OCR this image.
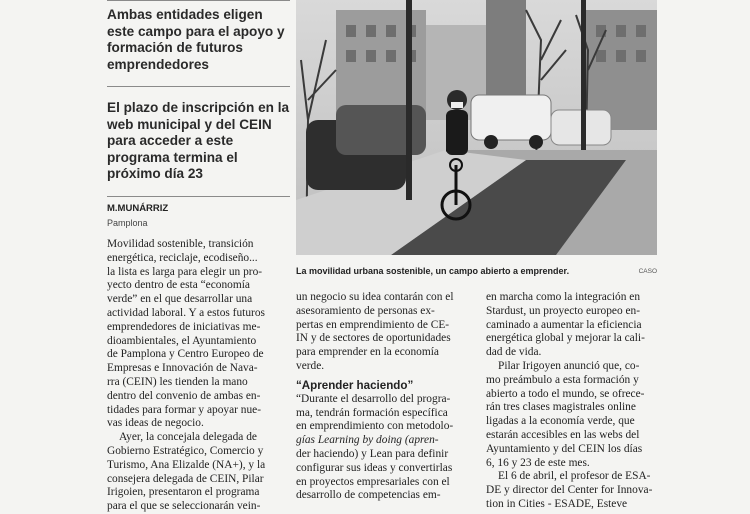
Ambas entidades eligen este campo para el apoyo y formación de futuros emprendedores
El plazo de inscripción en la web municipal y del CEIN para acceder a este programa termina el próximo día 23
M.MUNÁRRIZ
Pamplona
La movilidad urbana sostenible, un campo abierto a emprender.	CASO
Movilidad sostenible, transición
energética, reciclaje, ecodiseño...
la lista es larga para elegir un pro-
yecto dentro de esta “economía
verde” en el que desarrollar una
actividad laboral. Y a estos futuros
emprendedores de iniciativas me-
dioambientales, el Ayuntamiento
de Pamplona y Centro Europeo de
Empresas e Innovación de Nava-
rra (CEIN) les tienden la mano
dentro del convenio de ambas en-
tidades para formar y apoyar nue-
vas ideas de negocio.
Ayer, la concejala delegada de
Gobierno Estratégico, Comercio y
Turismo, Ana Elizalde (NA+), y la
consejera delegada de CEIN, Pilar
Irigoien, presentaron el programa
para el que se seleccionarán vein-
un negocio su idea contarán con el
asesoramiento de personas ex-
pertas en emprendimiento de CE-
IN y de sectores de oportunidades
para emprender en la economía
verde.
“Aprender haciendo”
“Durante el desarrollo del progra-
ma, tendrán formación específica
en emprendimiento con metodolo-
gías Learning by doing (apren-
der haciendo) y Lean para definir
configurar sus ideas y convertirlas
en proyectos empresariales con el
desarrollo de competencias em-
en marcha como la integración en
Stardust, un proyecto europeo en-
caminado a aumentar la eficiencia
energética global y mejorar la cali-
dad de vida.
Pilar Irigoyen anunció que, co-
mo preámbulo a esta formación y
abierto a todo el mundo, se ofrece-
rán tres clases magistrales online
ligadas a la economía verde, que
estarán accesibles en las webs del
Ayuntamiento y del CEIN los días
6, 16 y 23 de este mes.
El 6 de abril, el profesor de ESA-
DE y director del Center for Innova-
tion in Cities - ESADE, Esteve
